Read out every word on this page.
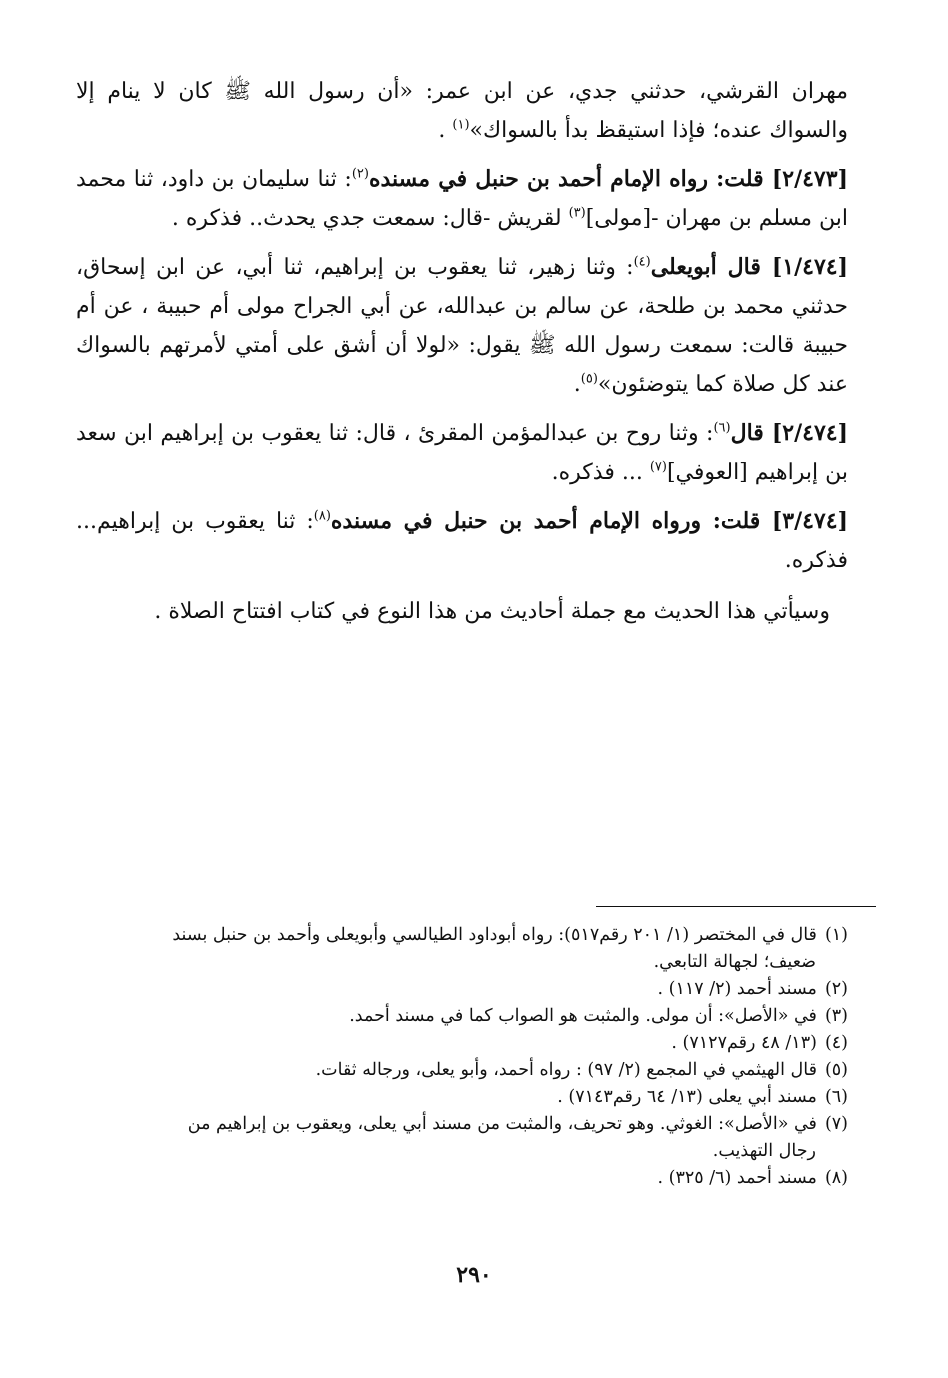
مهران القرشي، حدثني جدي، عن ابن عمر: «أن رسول الله ﷺ كان لا ينام إلا والسواك عنده؛ فإذا استيقظ بدأ بالسواك»$^{(١)}$ .

[٢/٤٧٣] قلت: رواه الإمام أحمد بن حنبل في مسنده$^{(٢)}$: ثنا سليمان بن داود، ثنا محمد ابن مسلم بن مهران -[مولى]$^{(٣)}$ لقريش -قال: سمعت جدي يحدث.. فذكره .

[١/٤٧٤] قال أبويعلى$^{(٤)}$: وثنا زهير، ثنا يعقوب بن إبراهيم، ثنا أبي، عن ابن إسحاق، حدثني محمد بن طلحة، عن سالم بن عبدالله، عن أبي الجراح مولى أم حبيبة ، عن أم حبيبة قالت: سمعت رسول الله ﷺ يقول: «لولا أن أشق على أمتي لأمرتهم بالسواك عند كل صلاة كما يتوضئون»$^{(٥)}$.

[٢/٤٧٤] قال$^{(٦)}$: وثنا روح بن عبدالمؤمن المقرئ ، قال: ثنا يعقوب بن إبراهيم ابن سعد بن إبراهيم [العوفي]$^{(٧)}$ ... فذكره.

[٣/٤٧٤] قلت: ورواه الإمام أحمد بن حنبل في مسنده$^{(٨)}$: ثنا يعقوب بن إبراهيم... فذكره.

وسيأتي هذا الحديث مع جملة أحاديث من هذا النوع في كتاب افتتاح الصلاة .

(١)قال في المختصر (١/ ٢٠١ رقم٥١٧): رواه أبوداود الطيالسي وأبويعلى وأحمد بن حنبل بسند
ضعيف؛ لجهالة التابعي.

(٢)مسند أحمد (٢/ ١١٧) .

(٣)في «الأصل»: أن مولى. والمثبت هو الصواب كما في مسند أحمد.

(٤)(١٣/ ٤٨ رقم٧١٢٧) .

(٥)قال الهيثمي في المجمع (٢/ ٩٧) : رواه أحمد، وأبو يعلى، ورجاله ثقات.

(٦)مسند أبي يعلى (١٣/ ٦٤ رقم٧١٤٣) .

(٧)في «الأصل»: الغوثي. وهو تحريف، والمثبت من مسند أبي يعلى، ويعقوب بن إبراهيم من
رجال التهذيب.

(٨)مسند أحمد (٦/ ٣٢٥) .

٢٩٠
